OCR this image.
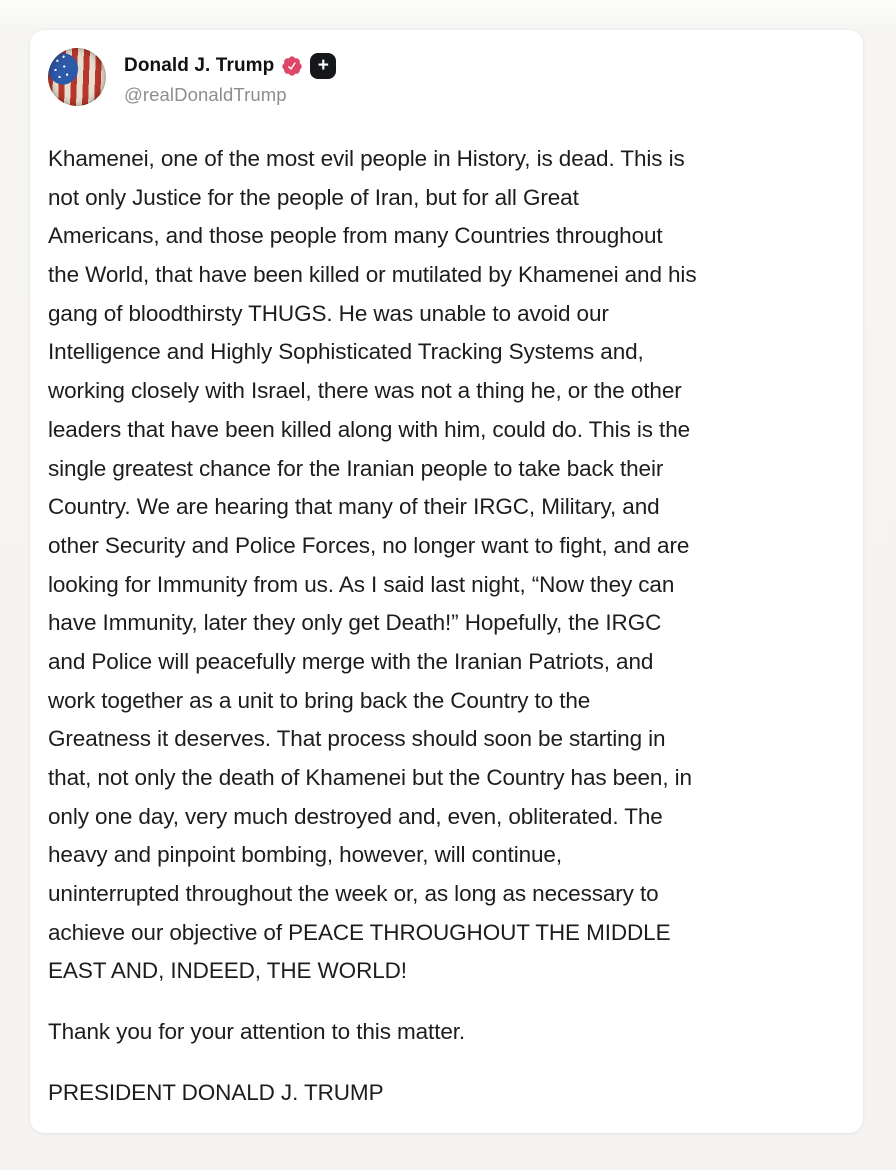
Donald J. Trump +
@realDonaldTrump
Khamenei, one of the most evil people in History, is dead. This is
not only Justice for the people of Iran, but for all Great
Americans, and those people from many Countries throughout
the World, that have been killed or mutilated by Khamenei and his
gang of bloodthirsty THUGS. He was unable to avoid our
Intelligence and Highly Sophisticated Tracking Systems and,
working closely with Israel, there was not a thing he, or the other
leaders that have been killed along with him, could do. This is the
single greatest chance for the Iranian people to take back their
Country. We are hearing that many of their IRGC, Military, and
other Security and Police Forces, no longer want to fight, and are
looking for Immunity from us. As I said last night, “Now they can
have Immunity, later they only get Death!” Hopefully, the IRGC
and Police will peacefully merge with the Iranian Patriots, and
work together as a unit to bring back the Country to the
Greatness it deserves. That process should soon be starting in
that, not only the death of Khamenei but the Country has been, in
only one day, very much destroyed and, even, obliterated. The
heavy and pinpoint bombing, however, will continue,
uninterrupted throughout the week or, as long as necessary to
achieve our objective of PEACE THROUGHOUT THE MIDDLE
EAST AND, INDEED, THE WORLD!
Thank you for your attention to this matter.
PRESIDENT DONALD J. TRUMP
